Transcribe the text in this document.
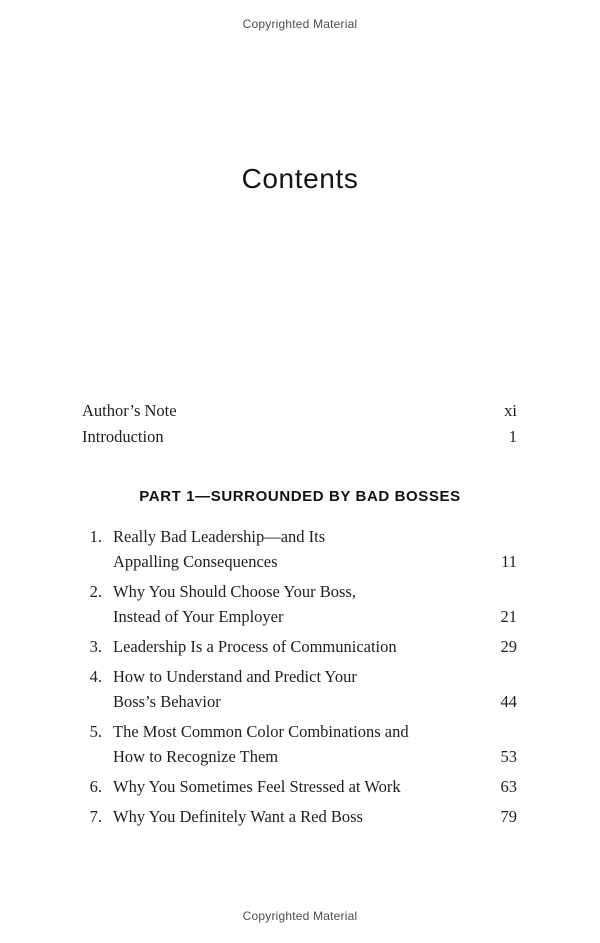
Copyrighted Material
Contents
Author’s Note	xi
Introduction	1
PART 1—SURROUNDED BY BAD BOSSES
1. Really Bad Leadership—and Its
Appalling Consequences	11
2. Why You Should Choose Your Boss,
Instead of Your Employer	21
3. Leadership Is a Process of Communication	29
4. How to Understand and Predict Your
Boss’s Behavior	44
5. The Most Common Color Combinations and
How to Recognize Them	53
6. Why You Sometimes Feel Stressed at Work	63
7. Why You Definitely Want a Red Boss	79
Copyrighted Material
